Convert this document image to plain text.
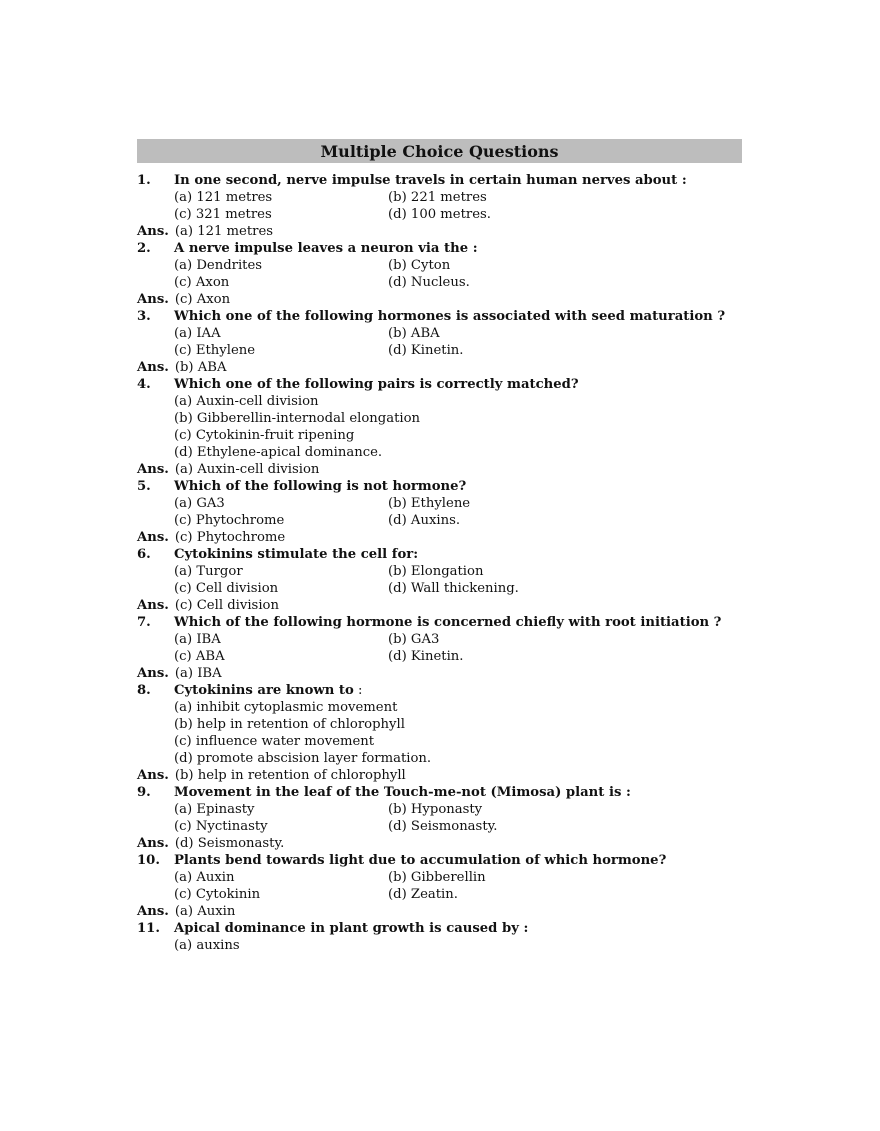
Multiple Choice Questions
1.	In one second, nerve impulse travels in certain human nerves about :
(a) 121 metres	(b) 221 metres
(c) 321 metres	(d) 100 metres.
Ans. (a) 121 metres
2.	A nerve impulse leaves a neuron via the :
(a) Dendrites	(b) Cyton
(c) Axon	(d) Nucleus.
Ans. (c) Axon
3.	Which one of the following hormones is associated with seed maturation ?
(a) IAA	(b) ABA
(c) Ethylene	(d) Kinetin.
Ans. (b) ABA
4.	Which one of the following pairs is correctly matched?
(a) Auxin-cell division
(b) Gibberellin-internodal elongation
(c) Cytokinin-fruit ripening
(d) Ethylene-apical dominance.
Ans. (a) Auxin-cell division
5.	Which of the following is not hormone?
(a) GA3	(b) Ethylene
(c) Phytochrome	(d) Auxins.
Ans. (c) Phytochrome
6.	Cytokinins stimulate the cell for:
(a) Turgor	(b) Elongation
(c) Cell division	(d) Wall thickening.
Ans. (c) Cell division
7.	Which of the following hormone is concerned chiefly with root initiation ?
(a) IBA	(b) GA3
(c) ABA	(d) Kinetin.
Ans. (a) IBA
8.	Cytokinins are known to :
(a) inhibit cytoplasmic movement
(b) help in retention of chlorophyll
(c) influence water movement
(d) promote abscision layer formation.
Ans. (b) help in retention of chlorophyll
9.	Movement in the leaf of the Touch-me-not (Mimosa) plant is :
(a) Epinasty	(b) Hyponasty
(c) Nyctinasty	(d) Seismonasty.
Ans. (d) Seismonasty.
10.	Plants bend towards light due to accumulation of which hormone?
(a) Auxin	(b) Gibberellin
(c) Cytokinin	(d) Zeatin.
Ans. (a) Auxin
11.	Apical dominance in plant growth is caused by :
(a) auxins
